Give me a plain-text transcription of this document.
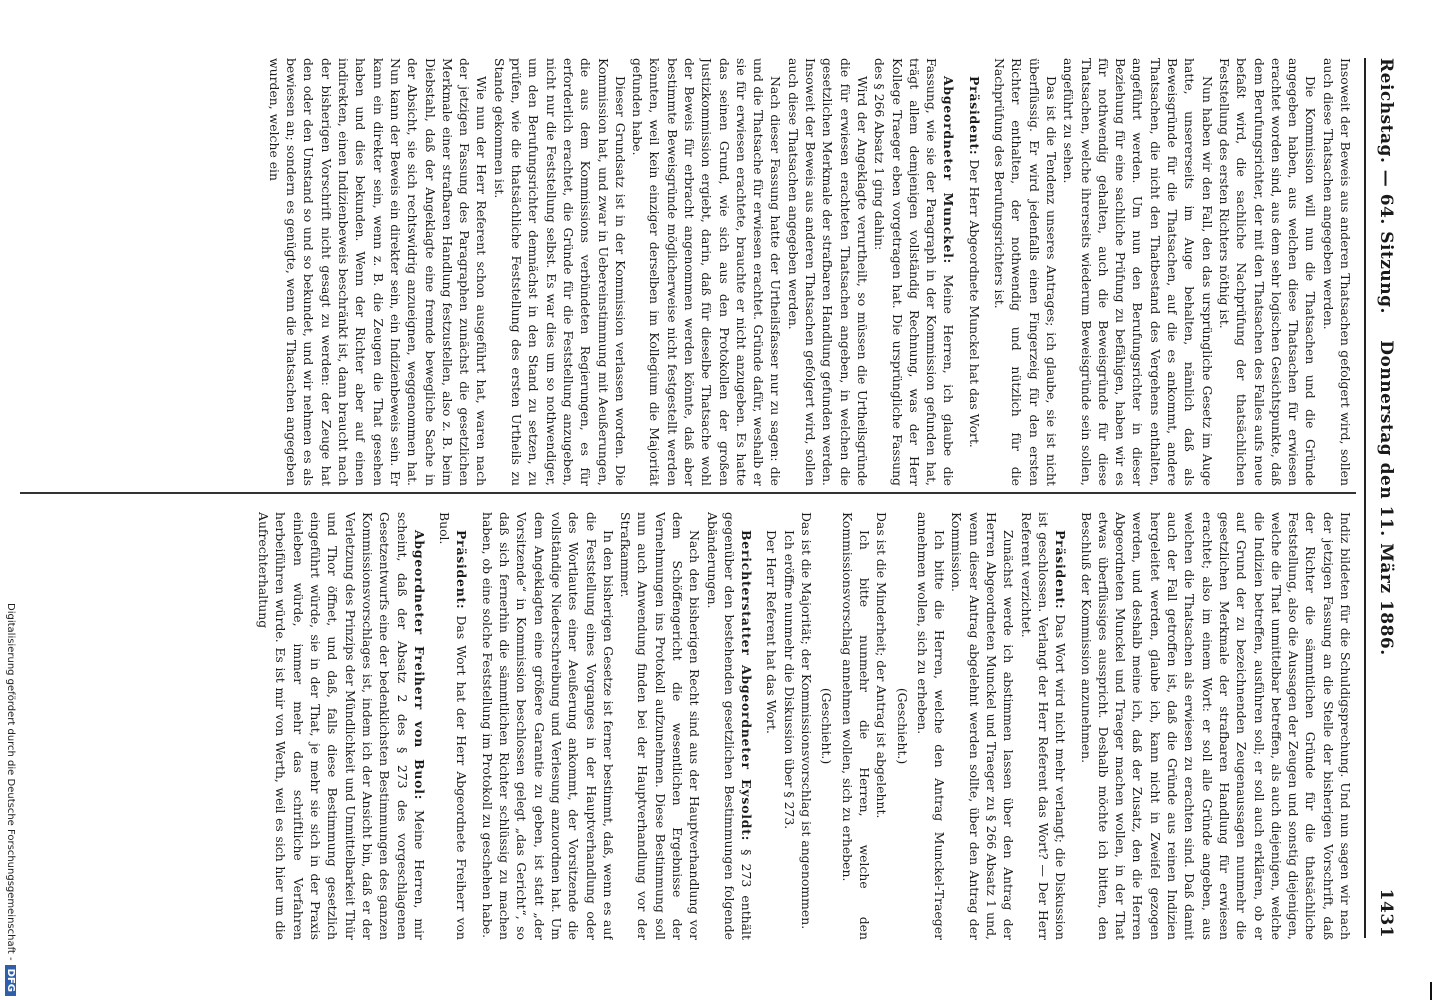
Reichstag. — 64. Sitzung.
Donnerstag den 11. März 1886.
1431

Insoweit der Beweis aus anderen Thatsachen gefolgert wird, sollen auch diese Thatsachen angegeben werden.

Die Kommission will nun die Thatsachen und die Gründe angegeben haben, aus welchen diese Thatsachen für erwiesen erachtet worden sind, aus dem sehr logischen Gesichtspunkte, daß dem Berufungsrichter, der mit den Thatsachen des Falles aufs neue befaßt wird, die sachliche Nachprüfung der thatsächlichen Feststellung des ersten Richters nöthig ist.

Nun haben wir den Fall, den das ursprüngliche Gesetz im Auge hatte, unsererseits im Auge behalten, nämlich daß als Beweisgründe für die Thatsachen, auf die es ankommt, andere Thatsachen, die nicht den Thatbestand des Vergehens enthalten, angeführt werden. Um nun den Berufungsrichter in dieser Beziehung für eine sachliche Prüfung zu befähigen, haben wir es für nothwendig gehalten, auch die Beweisgründe für diese Thatsachen, welche ihrerseits wiederum Beweisgründe sein sollen, angeführt zu sehen.

Das ist die Tendenz unseres Antrages; ich glaube, sie ist nicht überflüssig. Er wird jedenfalls einen Fingerzeig für den ersten Richter enthalten, der nothwendig und nützlich für die Nachprüfung des Berufungsrichters ist.

Präsident: Der Herr Abgeordnete Munckel hat das Wort.

Abgeordneter Munckel: Meine Herren, ich glaube die Fassung, wie sie der Paragraph in der Kommission gefunden hat, trägt allem demjenigen vollständig Rechnung, was der Herr Kollege Traeger eben vorgetragen hat. Die ursprüngliche Fassung des § 266 Absatz 1 ging dahin:

Wird der Angeklagte verurtheilt, so müssen die Urtheilsgründe die für erwiesen erachteten Thatsachen angeben, in welchen die gesetzlichen Merkmale der strafbaren Handlung gefunden werden. Insoweit der Beweis aus anderen Thatsachen gefolgert wird, sollen auch diese Thatsachen angegeben werden.

Nach dieser Fassung hatte der Urtheilsfasser nur zu sagen: die und die Thatsache für erwiesen erachtet. Gründe dafür, weshalb er sie für erwiesen erachtete, brauchte er nicht anzugeben. Es hatte das seinen Grund, wie sich aus den Protokollen der großen Justizkommission ergiebt, darin, daß für dieselbe Thatsache wohl der Beweis für erbracht angenommen werden könnte, daß aber bestimmte Beweisgründe möglicherweise nicht festgestellt werden könnten, weil kein einziger derselben im Kollegium die Majorität gefunden habe.

Dieser Grundsatz ist in der Kommission verlassen worden. Die Kommission hat, und zwar in Uebereinstimmung mit Aeußerungen, die aus dem Kommissions verbündeten Regierungen, es für erforderlich erachtet, die Gründe für die Feststellung anzugeben, nicht nur die Feststellung selbst. Es war dies um so nothwendiger, um den Berufungsrichter demnächst in den Stand zu setzen, zu prüfen, wie die thatsächliche Feststellung des ersten Urtheils zu Stande gekommen ist.

Wie nun der Herr Referent schon ausgeführt hat, waren nach der jetzigen Fassung des Paragraphen zunächst die gesetzlichen Merkmale einer strafbaren Handlung festzustellen, also z. B. beim Diebstahl, daß der Angeklagte eine fremde bewegliche Sache in der Absicht, sie sich rechtswidrig anzueignen, weggenommen hat. Nun kann der Beweis ein direkter sein, ein Indizienbeweis sein. Er kann ein direkter sein, wenn z. B. die Zeugen die That gesehen haben und dies bekunden. Wenn der Richter aber auf einen indirekten, einen Indizienbeweis beschränkt ist, dann braucht nach der bisherigen Vorschrift nicht gesagt zu werden: der Zeuge hat den oder den Umstand so und so bekundet, und wir nehmen es als bewiesen an; sondern es genügte, wenn die Thatsachen angegeben wurden, welche ein

Indiz bildeten für die Schuldigsprechung. Und nun sagen wir nach der jetzigen Fassung an die Stelle der bisherigen Vorschrift, daß der Richter die sämmtlichen Gründe für die thatsächliche Feststellung, also die Aussagen der Zeugen und sonstig diejenigen, welche die That unmittelbar betreffen, als auch diejenigen, welche die Indizien betreffen, ausführen soll; er soll auch erklären, ob er auf Grund der zu bezeichnenden Zeugenaussagen nunmehr die gesetzlichen Merkmale der strafbaren Handlung für erwiesen erachtet; also im einem Wort: er soll alle Gründe angeben, aus welchen die Thatsachen als erwiesen zu erachten sind. Daß damit auch der Fall getroffen ist, daß die Gründe aus reinen Indizien hergeleitet werden, glaube ich, kann nicht in Zweifel gezogen werden, und deshalb meine ich, daß der Zusatz, den die Herren Abgeordneten Munckel und Traeger machen wollen, in der That etwas überflüssiges ausspricht. Deshalb möchte ich bitten, den Beschluß der Kommission anzunehmen.

Präsident: Das Wort wird nicht mehr verlangt; die Diskussion ist geschlossen. Verlangt der Herr Referent das Wort? — Der Herr Referent verzichtet.

Zunächst werde ich abstimmen lassen über den Antrag der Herren Abgeordneten Munckel und Traeger zu § 266 Absatz 1 und, wenn dieser Antrag abgelehnt werden sollte, über den Antrag der Kommission.

Ich bitte die Herren, welche den Antrag Munckel-Traeger annehmen wollen, sich zu erheben.

(Geschieht.)

Das ist die Minderheit; der Antrag ist abgelehnt.

Ich bitte nunmehr die Herren, welche den Kommissionsvorschlag annehmen wollen, sich zu erheben.

(Geschieht.)

Das ist die Majorität; der Kommissionsvorschlag ist angenommen.

Ich eröffne nunmehr die Diskussion über § 273.

Der Herr Referent hat das Wort.

Berichterstatter Abgeordneter Eysoldt: § 273 enthält gegenüber den bestehenden gesetzlichen Bestimmungen folgende Abänderungen.

Nach den bisherigen Recht sind aus der Hauptverhandlung vor dem Schöffengericht die wesentlichen Ergebnisse der Vernehmungen ins Protokoll aufzunehmen. Diese Bestimmung soll nun auch Anwendung finden bei der Hauptverhandlung vor der Strafkammer.

In den bisherigen Gesetze ist ferner bestimmt, daß, wenn es auf die Feststellung eines Vorganges in der Hauptverhandlung oder des Wortlautes einer Aeußerung ankommt, der Vorsitzende die vollständige Niederschreibung und Verlesung anzuordnen hat. Um dem Angeklagten eine größere Garantie zu geben, ist statt „der Vorsitzende“ in Kommission beschlossen gelegt „das Gericht“, so daß sich fernerhin die sämmtlichen Richter schlüssig zu machen haben, ob eine solche Feststellung im Protokoll zu geschehen habe.

Präsident: Das Wort hat der Herr Abgeordnete Freiherr von Buol.

Abgeordneter Freiherr von Buol: Meine Herren, mir scheint, daß der Absatz 2 des § 273 des vorgeschlagenen Gesetzentwurfs eine der bedenklichsten Bestimmungen des ganzen Kommissionsvorschlages ist, indem ich der Ansicht bin, daß er der Verletzung des Prinzips der Mündlichkeit und Unmittelbarkeit Thür und Thor öffnet, und daß, falls diese Bestimmung gesetzlich eingeführt würde, sie in der That, je mehr sie sich in der Praxis einleben würde, immer mehr das schriftliche Verfahren herbeiführen würde. Es ist mir von Werth, weil es sich hier um die Aufrechterhaltung

Digitalisierung gefördert durch die Deutsche Forschungsgemeinschaft -DFG
